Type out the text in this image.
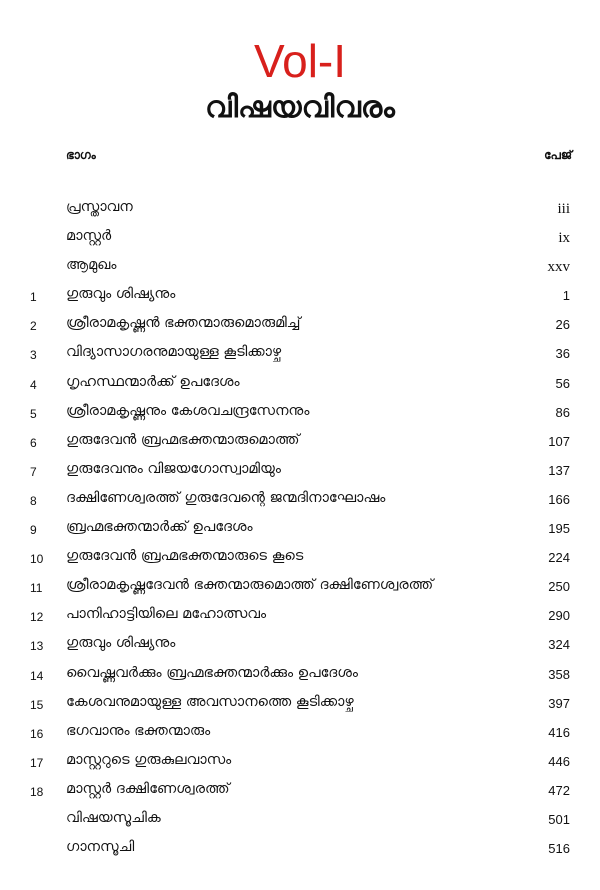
Vol-I
വിഷയവിവരം
ഭാഗം	പേജ്
പ്രസ്താവന	iii
മാസ്റ്റർ	ix
ആമുഖം	xxv
1	ഗുരുവും ശിഷ്യനും	1
2	ശ്രീരാമകൃഷ്ണൻ ഭക്തന്മാരുമൊരുമിച്ച്	26
3	വിദ്യാസാഗരനുമായുള്ള കൂടിക്കാഴ്ച	36
4	ഗൃഹസ്ഥന്മാർക്ക് ഉപദേശം	56
5	ശ്രീരാമകൃഷ്ണനും കേശവചന്ദ്രസേനനും	86
6	ഗുരുദേവൻ ബ്രഹ്മഭക്തന്മാരുമൊത്ത്	107
7	ഗുരുദേവനും വിജയഗോസ്വാമിയും	137
8	ദക്ഷിണേശ്വരത്ത് ഗുരുദേവന്റെ ജന്മദിനാഘോഷം	166
9	ബ്രഹ്മഭക്തന്മാർക്ക് ഉപദേശം	195
10	ഗുരുദേവൻ ബ്രഹ്മഭക്തന്മാരുടെ കൂടെ	224
11	ശ്രീരാമകൃഷ്ണദേവൻ ഭക്തന്മാരുമൊത്ത് ദക്ഷിണേശ്വരത്ത്	250
12	പാനിഹാട്ടിയിലെ മഹോത്സവം	290
13	ഗുരുവും ശിഷ്യനും	324
14	വൈഷ്ണവർക്കും ബ്രഹ്മഭക്തന്മാർക്കും ഉപദേശം	358
15	കേശവനുമായുള്ള അവസാനത്തെ കൂടിക്കാഴ്ച	397
16	ഭഗവാനും ഭക്തന്മാരും	416
17	മാസ്റ്ററുടെ ഗുരുകുലവാസം	446
18	മാസ്റ്റർ ദക്ഷിണേശ്വരത്ത്	472
വിഷയസൂചിക	501
ഗാനസൂചി	516
